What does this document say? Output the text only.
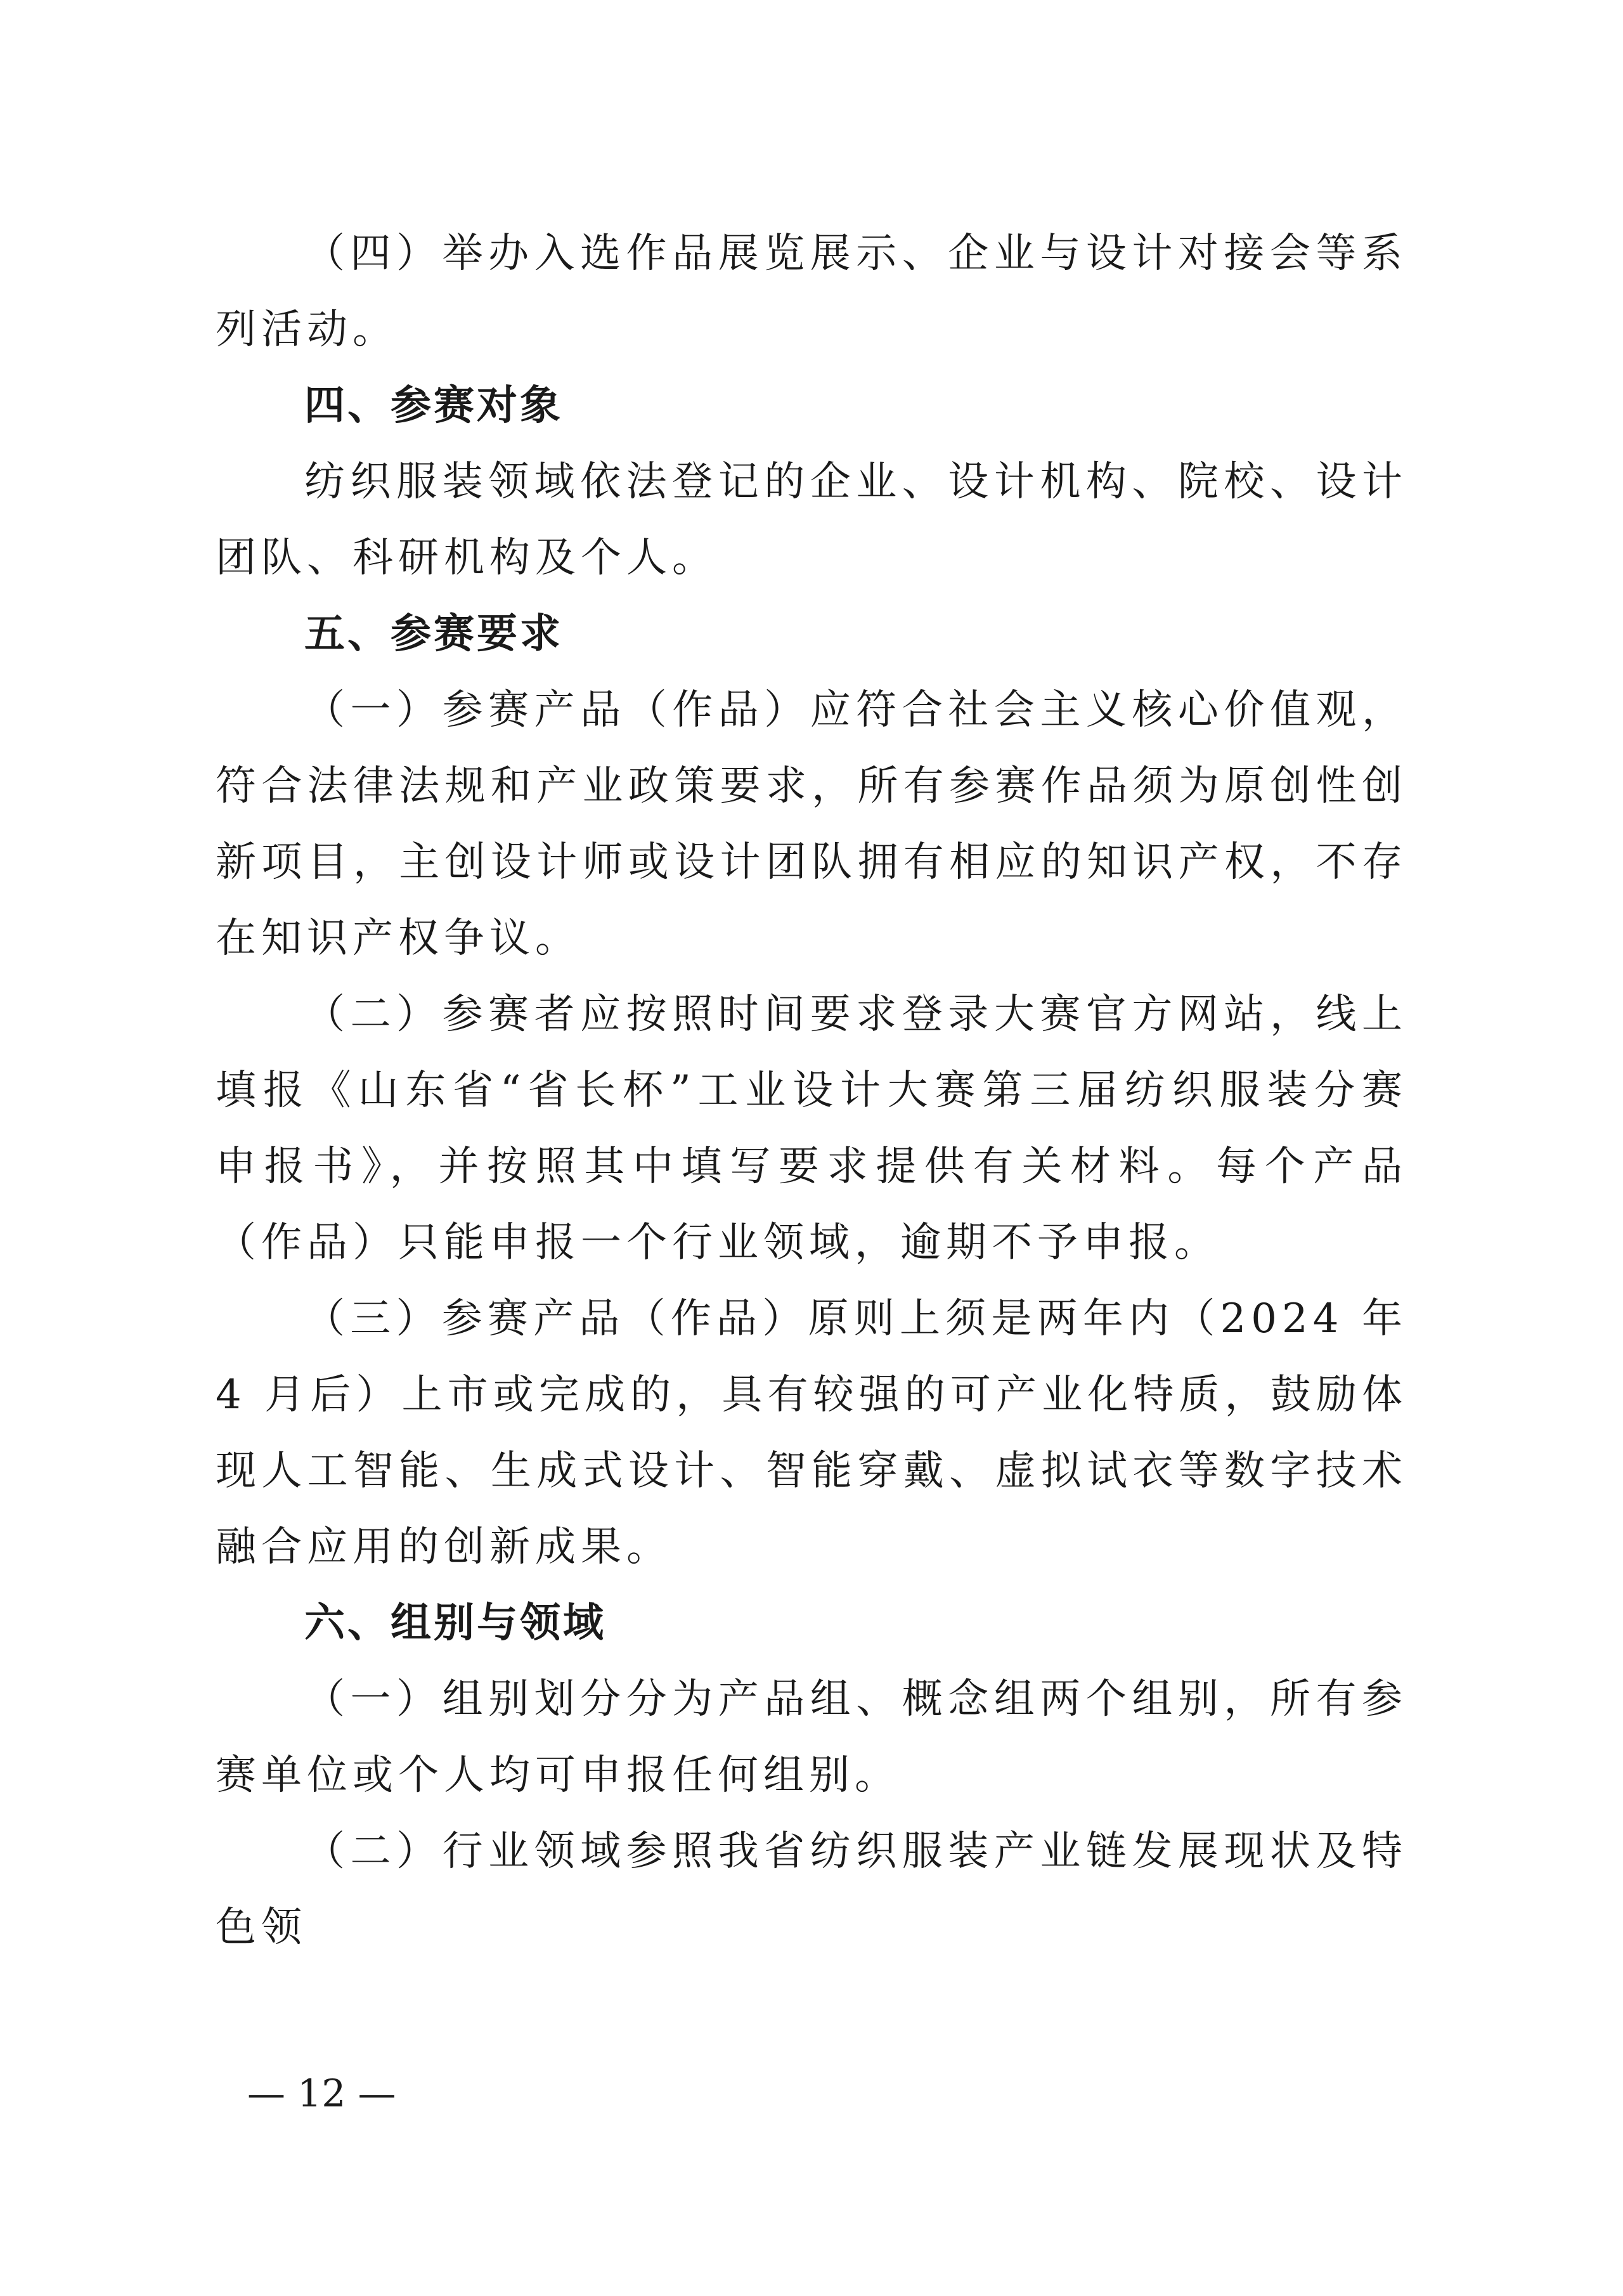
（四）举办入选作品展览展示、企业与设计对接会等系列活动。

四、参赛对象

纺织服装领域依法登记的企业、设计机构、院校、设计团队、科研机构及个人。

五、参赛要求

（一）参赛产品（作品）应符合社会主义核心价值观，符合法律法规和产业政策要求，所有参赛作品须为原创性创新项目，主创设计师或设计团队拥有相应的知识产权，不存在知识产权争议。

（二）参赛者应按照时间要求登录大赛官方网站，线上填报《山东省“省长杯”工业设计大赛第三届纺织服装分赛申报书》，并按照其中填写要求提供有关材料。每个产品（作品）只能申报一个行业领域，逾期不予申报。

（三）参赛产品（作品）原则上须是两年内（2024 年 4 月后）上市或完成的，具有较强的可产业化特质，鼓励体现人工智能、生成式设计、智能穿戴、虚拟试衣等数字技术融合应用的创新成果。

六、组别与领域

（一）组别划分分为产品组、概念组两个组别，所有参赛单位或个人均可申报任何组别。

（二）行业领域参照我省纺织服装产业链发展现状及特色领

— 12 —
